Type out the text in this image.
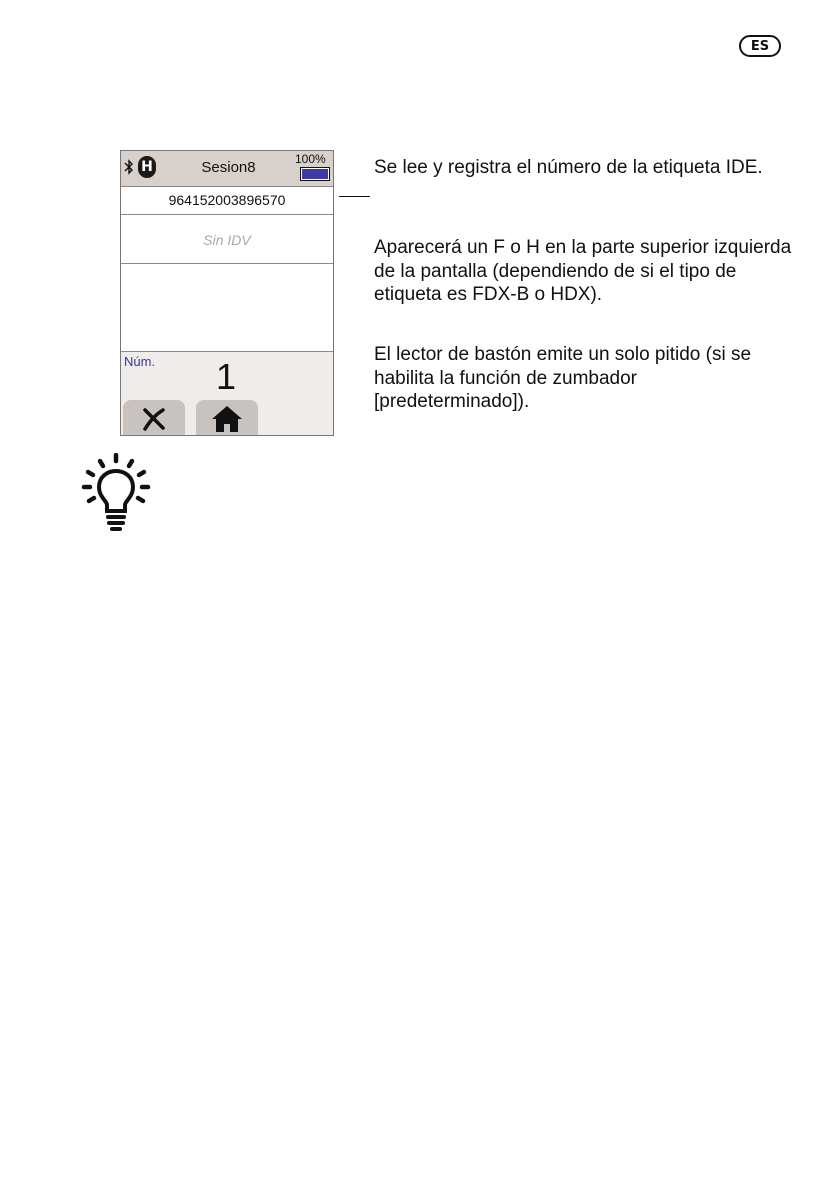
ES
H	Sesion8	100%
964152003896570
Sin IDV
Núm. 1

Se lee y registra el número de la etiqueta IDE.

Aparecerá un F o H en la parte superior izquierda de la pantalla (dependiendo de si el tipo de etiqueta es FDX-B o HDX).

El lector de bastón emite un solo pitido (si se habilita la función de zumbador [predeterminado]).
